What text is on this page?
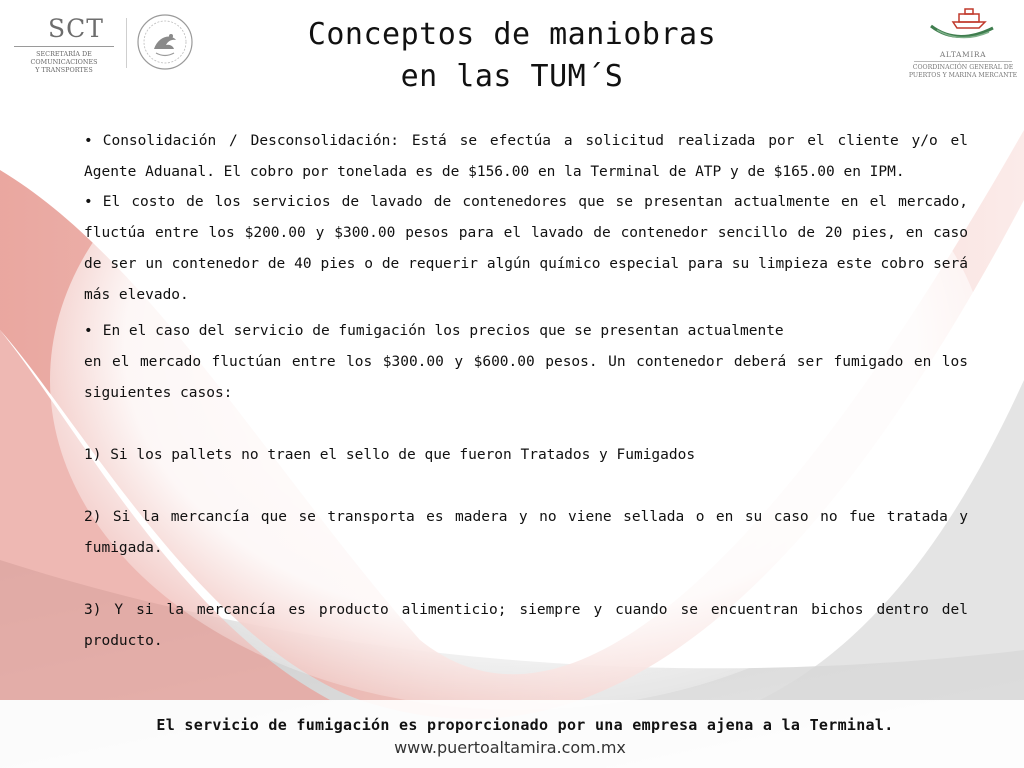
SCT
SECRETARÍA DE
COMUNICACIONES
Y TRANSPORTES
ALTAMIRA
COORDINACIÓN GENERAL DE
PUERTOS Y MARINA MERCANTE
Conceptos de maniobras
en las TUM´S

• Consolidación / Desconsolidación: Está se efectúa a solicitud realizada por el cliente y/o el Agente Aduanal. El cobro por tonelada es de $156.00 en la Terminal de ATP y de $165.00 en IPM.

• El costo de los servicios de lavado de contenedores que se presentan actualmente en el mercado, fluctúa entre los $200.00 y $300.00 pesos para el lavado de contenedor sencillo de 20 pies, en caso de ser un contenedor de 40 pies o de requerir algún químico especial para su limpieza este cobro será más elevado.

• En el caso del servicio de fumigación los precios que se presentan actualmente

en el mercado fluctúan entre los $300.00 y $600.00 pesos. Un contenedor deberá ser fumigado en los siguientes casos:

1) Si los pallets no traen el sello de que fueron Tratados y Fumigados

2) Si la mercancía que se transporta es madera y no viene sellada o en su caso no fue tratada y fumigada.

3) Y si la mercancía es producto alimenticio; siempre y cuando se encuentran bichos dentro del producto.

El servicio de fumigación es proporcionado por una empresa ajena a la Terminal.
www.puertoaltamira.com.mx
